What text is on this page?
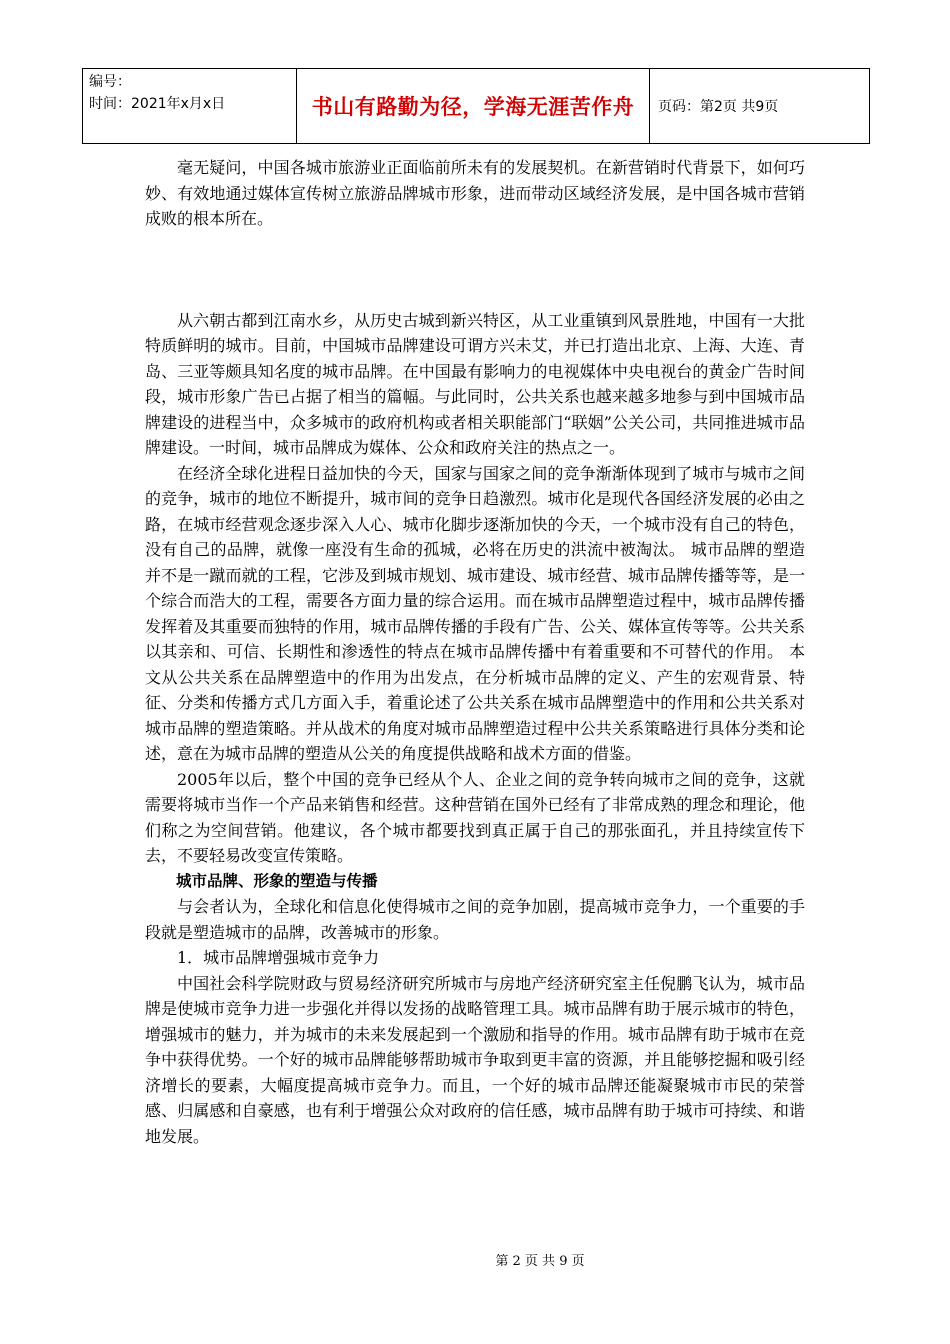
编号：
时间：2021年x月x日	书山有路勤为径，学海无涯苦作舟	页码：第2页 共9页

毫无疑问，中国各城市旅游业正面临前所未有的发展契机。在新营销时代背景下，如何巧妙、有效地通过媒体宣传树立旅游品牌城市形象，进而带动区域经济发展，是中国各城市营销成败的根本所在。

从六朝古都到江南水乡，从历史古城到新兴特区，从工业重镇到风景胜地，中国有一大批特质鲜明的城市。目前，中国城市品牌建设可谓方兴未艾，并已打造出北京、上海、大连、青岛、三亚等颇具知名度的城市品牌。在中国最有影响力的电视媒体中央电视台的黄金广告时间段，城市形象广告已占据了相当的篇幅。与此同时，公共关系也越来越多地参与到中国城市品牌建设的进程当中，众多城市的政府机构或者相关职能部门“联姻”公关公司，共同推进城市品牌建设。一时间，城市品牌成为媒体、公众和政府关注的热点之一。

在经济全球化进程日益加快的今天，国家与国家之间的竞争渐渐体现到了城市与城市之间的竞争，城市的地位不断提升，城市间的竞争日趋激烈。城市化是现代各国经济发展的必由之路，在城市经营观念逐步深入人心、城市化脚步逐渐加快的今天，一个城市没有自己的特色，没有自己的品牌，就像一座没有生命的孤城，必将在历史的洪流中被淘汰。 城市品牌的塑造并不是一蹴而就的工程，它涉及到城市规划、城市建设、城市经营、城市品牌传播等等，是一个综合而浩大的工程，需要各方面力量的综合运用。而在城市品牌塑造过程中，城市品牌传播发挥着及其重要而独特的作用，城市品牌传播的手段有广告、公关、媒体宣传等等。公共关系以其亲和、可信、长期性和渗透性的特点在城市品牌传播中有着重要和不可替代的作用。 本文从公共关系在品牌塑造中的作用为出发点，在分析城市品牌的定义、产生的宏观背景、特征、分类和传播方式几方面入手，着重论述了公共关系在城市品牌塑造中的作用和公共关系对城市品牌的塑造策略。并从战术的角度对城市品牌塑造过程中公共关系策略进行具体分类和论述，意在为城市品牌的塑造从公关的角度提供战略和战术方面的借鉴。

2005年以后，整个中国的竞争已经从个人、企业之间的竞争转向城市之间的竞争，这就需要将城市当作一个产品来销售和经营。这种营销在国外已经有了非常成熟的理念和理论，他们称之为空间营销。他建议，各个城市都要找到真正属于自己的那张面孔，并且持续宣传下去，不要轻易改变宣传策略。

城市品牌、形象的塑造与传播

与会者认为，全球化和信息化使得城市之间的竞争加剧，提高城市竞争力，一个重要的手段就是塑造城市的品牌，改善城市的形象。

1．城市品牌增强城市竞争力

中国社会科学院财政与贸易经济研究所城市与房地产经济研究室主任倪鹏飞认为，城市品牌是使城市竞争力进一步强化并得以发扬的战略管理工具。城市品牌有助于展示城市的特色，增强城市的魅力，并为城市的未来发展起到一个激励和指导的作用。城市品牌有助于城市在竞争中获得优势。一个好的城市品牌能够帮助城市争取到更丰富的资源，并且能够挖掘和吸引经济增长的要素，大幅度提高城市竞争力。而且，一个好的城市品牌还能凝聚城市市民的荣誉感、归属感和自豪感，也有利于增强公众对政府的信任感，城市品牌有助于城市可持续、和谐地发展。

第 2 页 共 9 页
